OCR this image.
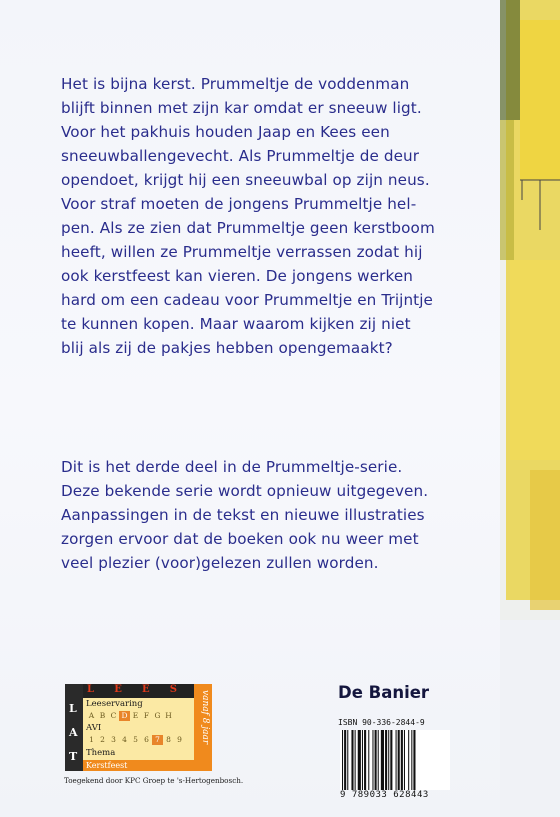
Het is bijna kerst. Prummeltje de voddenman

blijft binnen met zijn kar omdat er sneeuw ligt.

Voor het pakhuis houden Jaap en Kees een

sneeuwballengevecht. Als Prummeltje de deur

opendoet, krijgt hij een sneeuwbal op zijn neus.

Voor straf moeten de jongens Prummeltje hel-

pen. Als ze zien dat Prummeltje geen kerstboom

heeft, willen ze Prummeltje verrassen zodat hij

ook kerstfeest kan vieren. De jongens werken

hard om een cadeau voor Prummeltje en Trijntje

te kunnen kopen. Maar waarom kijken zij niet

blij als zij de pakjes hebben opengemaakt?

Dit is het derde deel in de Prummeltje-serie.

Deze bekende serie wordt opnieuw uitgegeven.

Aanpassingen in de tekst en nieuwe illustraties

zorgen ervoor dat de boeken ook nu weer met

veel plezier (voor)gelezen zullen worden.

L
A
T
L E E S
vanaf 8 jaar
Leeservaring
A B C D E F G H
AVI
1 2 3 4 5 6 7 8 9
Thema
Kerstfeest
Toegekend door KPC Groep te 's-Hertogenbosch.
De Banier
ISBN 90-336-2844-9
9 789033 628443
